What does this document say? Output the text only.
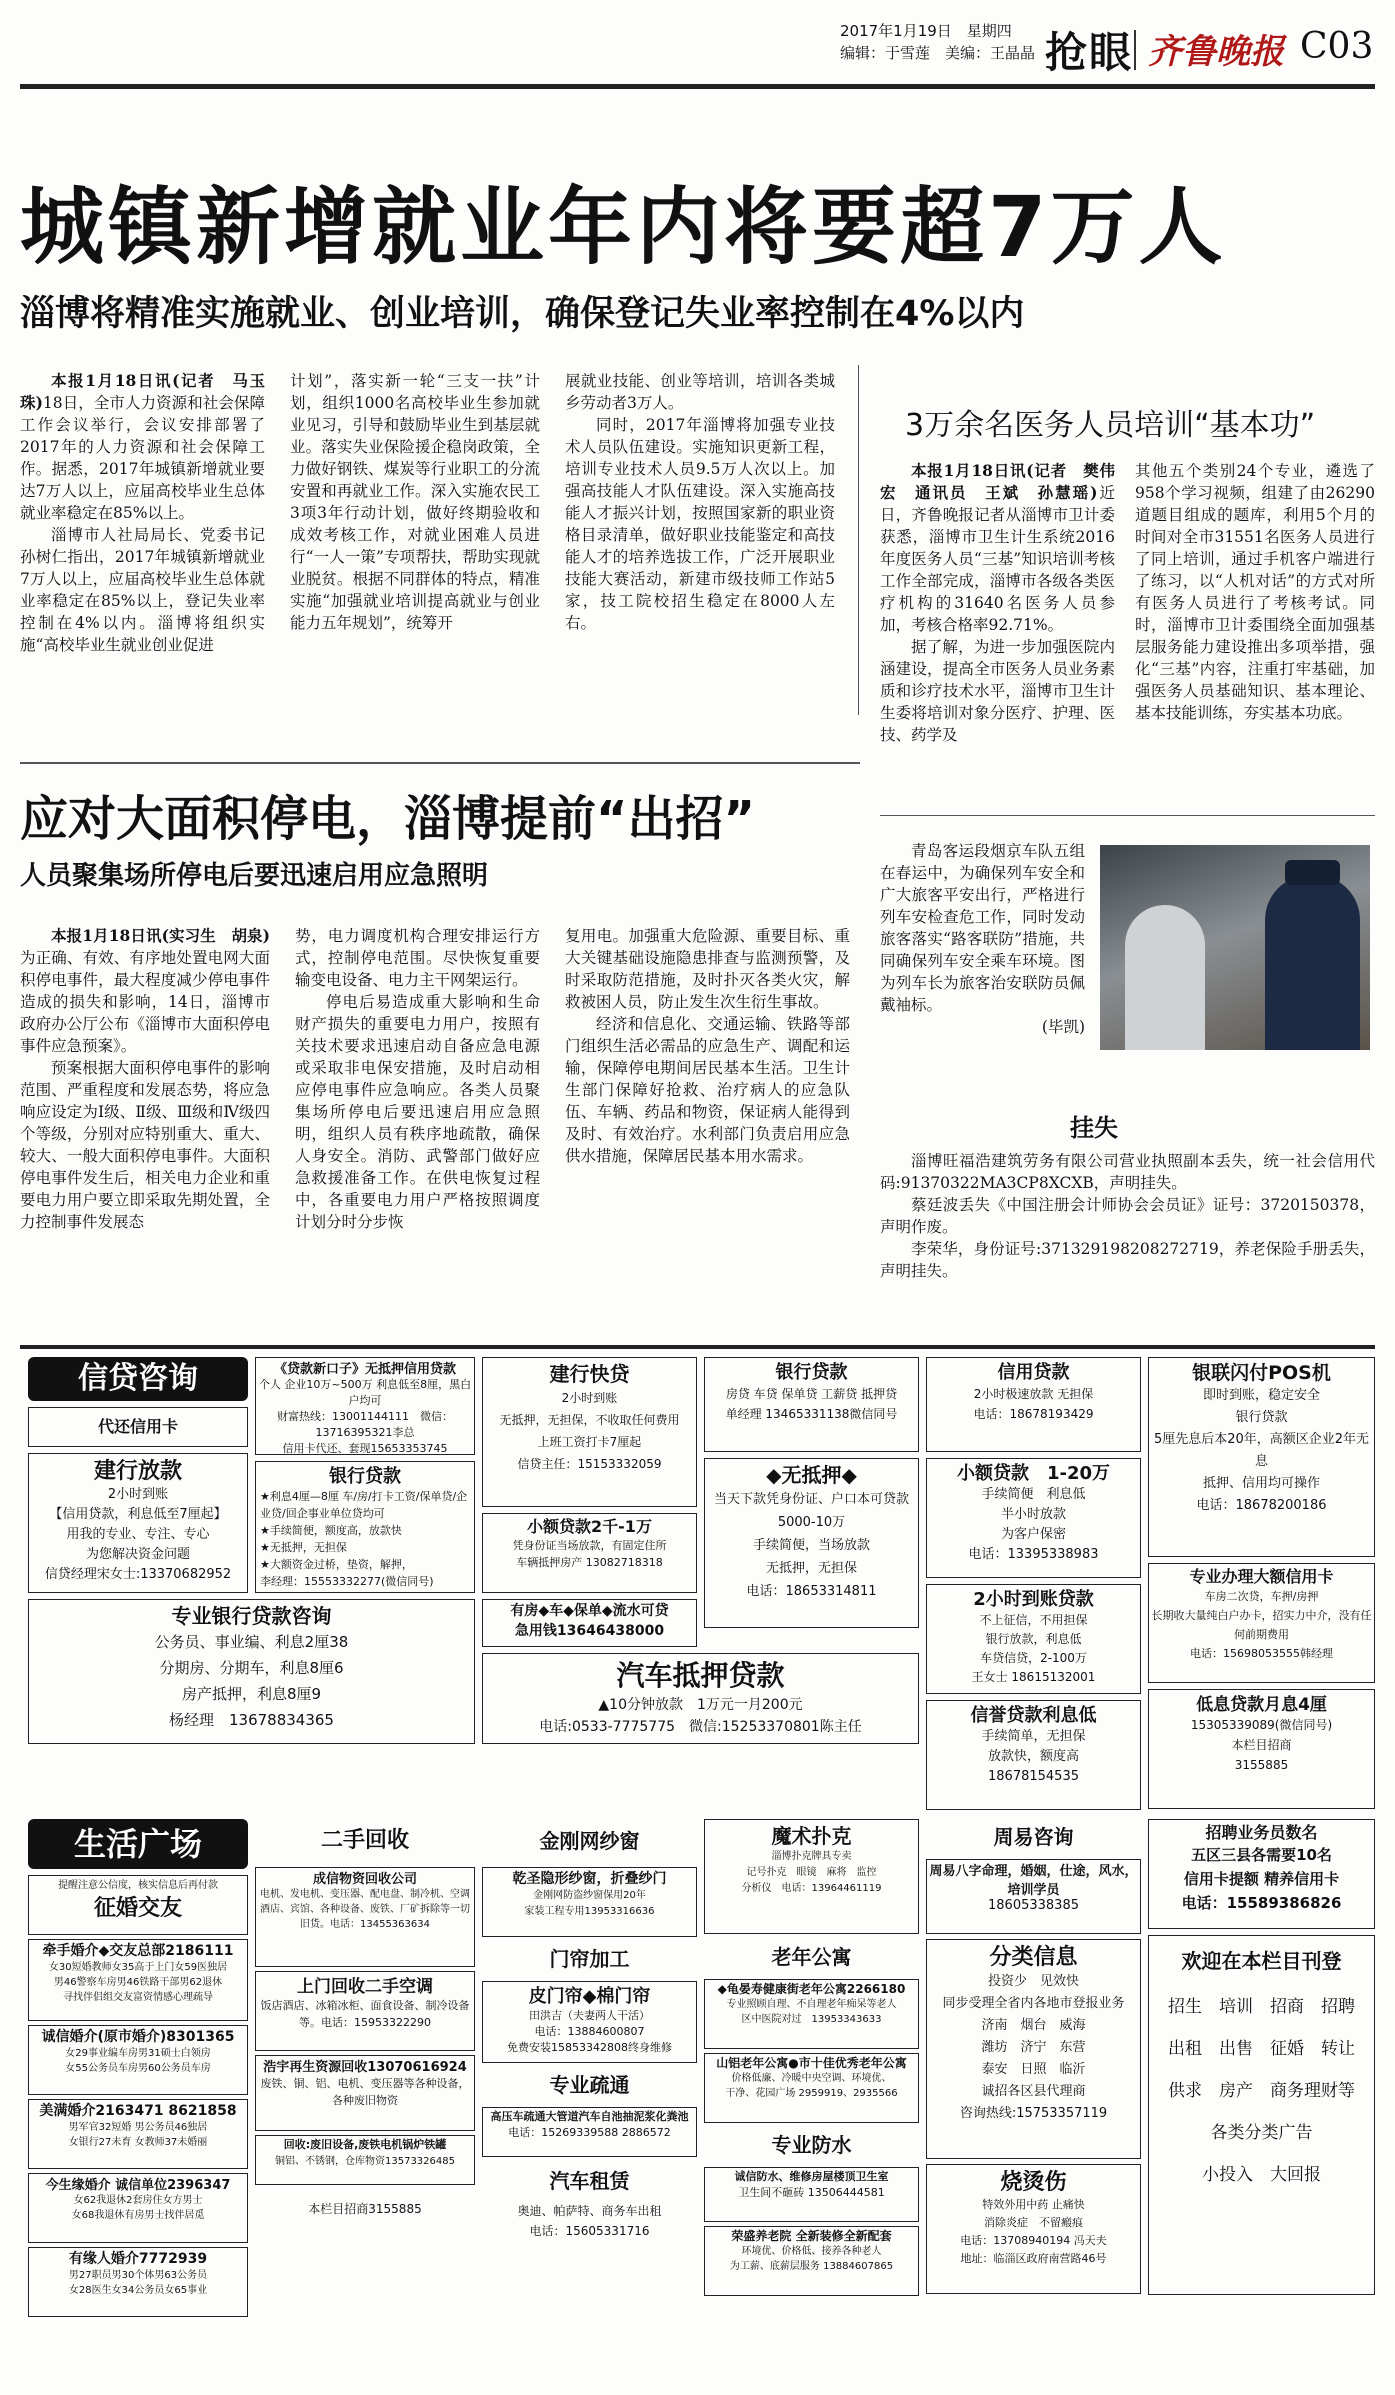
2017年1月19日　星期四
编辑：于雪莲　美编：王晶晶 抢眼 齐鲁晚报 C03
城镇新增就业年内将要超7万人
淄博将精准实施就业、创业培训，确保登记失业率控制在4%以内

本报1月18日讯(记者　马玉珠)18日，全市人力资源和社会保障工作会议举行，会议安排部署了2017年的人力资源和社会保障工作。据悉，2017年城镇新增就业要达7万人以上，应届高校毕业生总体就业率稳定在85%以上。

淄博市人社局局长、党委书记孙树仁指出，2017年城镇新增就业7万人以上，应届高校毕业生总体就业率稳定在85%以上，登记失业率控制在4%以内。淄博将组织实施“高校毕业生就业创业促进

计划”，落实新一轮“三支一扶”计划，组织1000名高校毕业生参加就业见习，引导和鼓励毕业生到基层就业。落实失业保险援企稳岗政策，全力做好钢铁、煤炭等行业职工的分流安置和再就业工作。深入实施农民工3项3年行动计划，做好终期验收和成效考核工作，对就业困难人员进行“一人一策”专项帮扶，帮助实现就业脱贫。根据不同群体的特点，精准实施“加强就业培训提高就业与创业能力五年规划”，统筹开

展就业技能、创业等培训，培训各类城乡劳动者3万人。

同时，2017年淄博将加强专业技术人员队伍建设。实施知识更新工程，培训专业技术人员9.5万人次以上。加强高技能人才队伍建设。深入实施高技能人才振兴计划，按照国家新的职业资格目录清单，做好职业技能鉴定和高技能人才的培养选拔工作，广泛开展职业技能大赛活动，新建市级技师工作站5家，技工院校招生稳定在8000人左右。

3万余名医务人员培训“基本功”

本报1月18日讯(记者　樊伟宏　通讯员　王斌　孙慧瑶)近日，齐鲁晚报记者从淄博市卫计委获悉，淄博市卫生计生系统2016年度医务人员“三基”知识培训考核工作全部完成，淄博市各级各类医疗机构的31640名医务人员参加，考核合格率92.71%。

据了解，为进一步加强医院内涵建设，提高全市医务人员业务素质和诊疗技术水平，淄博市卫生计生委将培训对象分医疗、护理、医技、药学及

其他五个类别24个专业，遴选了958个学习视频，组建了由26290道题目组成的题库，利用5个月的时间对全市31551名医务人员进行了同上培训，通过手机客户端进行了练习，以“人机对话”的方式对所有医务人员进行了考核考试。同时，淄博市卫计委围绕全面加强基层服务能力建设推出多项举措，强化“三基”内容，注重打牢基础，加强医务人员基础知识、基本理论、基本技能训练，夯实基本功底。

应对大面积停电，淄博提前“出招”
人员聚集场所停电后要迅速启用应急照明

本报1月18日讯(实习生　胡泉)为正确、有效、有序地处置电网大面积停电事件，最大程度减少停电事件造成的损失和影响，14日，淄博市政府办公厅公布《淄博市大面积停电事件应急预案》。

预案根据大面积停电事件的影响范围、严重程度和发展态势，将应急响应设定为Ⅰ级、Ⅱ级、Ⅲ级和Ⅳ级四个等级，分别对应特别重大、重大、较大、一般大面积停电事件。大面积停电事件发生后，相关电力企业和重要电力用户要立即采取先期处置，全力控制事件发展态

势，电力调度机构合理安排运行方式，控制停电范围。尽快恢复重要输变电设备、电力主干网架运行。

停电后易造成重大影响和生命财产损失的重要电力用户，按照有关技术要求迅速启动自备应急电源或采取非电保安措施，及时启动相应停电事件应急响应。各类人员聚集场所停电后要迅速启用应急照明，组织人员有秩序地疏散，确保人身安全。消防、武警部门做好应急救援准备工作。在供电恢复过程中，各重要电力用户严格按照调度计划分时分步恢

复用电。加强重大危险源、重要目标、重大关键基础设施隐患排查与监测预警，及时采取防范措施，及时扑灭各类火灾，解救被困人员，防止发生次生衍生事故。

经济和信息化、交通运输、铁路等部门组织生活必需品的应急生产、调配和运输，保障停电期间居民基本生活。卫生计生部门保障好抢救、治疗病人的应急队伍、车辆、药品和物资，保证病人能得到及时、有效治疗。水利部门负责启用应急供水措施，保障居民基本用水需求。

青岛客运段烟京车队五组在春运中，为确保列车安全和广大旅客平安出行，严格进行列车安检查危工作，同时发动旅客落实“路客联防”措施，共同确保列车安全乘车环境。图为列车长为旅客治安联防员佩戴袖标。

(毕凯)
挂失

淄博旺福浩建筑劳务有限公司营业执照副本丢失，统一社会信用代码:91370322MA3CP8XCXB，声明挂失。

蔡廷波丢失《中国注册会计师协会会员证》证号：3720150378，声明作废。

李荣华，身份证号:371329198208272719，养老保险手册丢失，声明挂失。

信贷咨询
代还信用卡
建行放款
2小时到账
【信用贷款，利息低至7厘起】
用我的专业、专注、专心
为您解决资金问题
信贷经理宋女士:13370682952
《贷款新口子》无抵押信用贷款
个人 企业10万~500万 利息低至8厘，黑白户均可
财富热线：13001144111　微信：13716395321李总
信用卡代还、套现15653353745
银行贷款
★利息4厘—8厘 车/房/打卡工资/保单贷/企业贷/回企事业单位贷均可
★手续简便，额度高，放款快
★无抵押，无担保
★大额资金过桥，垫资，解押，
李经理：15553332277(微信同号)
建行快贷
2小时到账
无抵押，无担保，不收取任何费用
上班工资打卡7厘起
信贷主任：15153332059
银行贷款
房贷 车贷 保单贷 工薪贷 抵押贷
单经理 13465331138微信同号
信用贷款
2小时极速放款 无担保
电话：18678193429
银联闪付POS机
即时到账，稳定安全
银行贷款
5厘先息后本20年，高额区企业2年无息
抵押、信用均可操作
电话：18678200186
小额贷款2千-1万
凭身份证当场放款，有固定住所
车辆抵押房产 13082718318
◆无抵押◆
当天下款凭身份证、户口本可贷款5000-10万
手续简便，当场放款
无抵押，无担保
电话：18653314811
小额贷款　1-20万
手续简便　利息低
半小时放款
为客户保密
电话：13395338983
专业办理大额信用卡
车房二次贷，车押/房押
长期收大量纯白户办卡，招实力中介，没有任何前期费用
电话：15698053555韩经理
有房◆车◆保单◆流水可贷
急用钱13646438000
2小时到账贷款
不上征信，不用担保
银行放款，利息低
车贷信贷，2-100万
王女士 18615132001
专业银行贷款咨询
公务员、事业编、利息2厘38
分期房、分期车，利息8厘6
房产抵押，利息8厘9
杨经理　13678834365
汽车抵押贷款
▲10分钟放款　1万元一月200元
电话:0533-7775775　微信:15253370801陈主任
信誉贷款利息低
手续简单，无担保
放款快，额度高
18678154535
低息贷款月息4厘
15305339089(微信同号)
本栏目招商
3155885
生活广场
提醒注意公信度，核实信息后再付款
征婚交友
牵手婚介◆交友总部2186111
女30短婚教师女35高于上门女59医独居
男46警察车房男46铁路干部男62退休
寻找伴侣组交友富资情感心理疏导
诚信婚介(原市婚介)8301365
女29事业编车房男31硕士白领房
女55公务员车房男60公务员车房
美满婚介2163471 8621858
男军官32短婚 男公务员46独居
女银行27未育 女教师37未婚丽
今生缘婚介 诚信单位2396347
女62我退休2套房住女方男士
女68我退休有房男士找伴居觅
有缘人婚介7772939
男27职员男30个体男63公务员
女28医生女34公务员女65事业
二手回收
成信物资回收公司
电机、发电机、变压器、配电盘、制冷机、空调酒店、宾馆、各种设备、废铁、厂矿拆除等一切旧货。电话：13455363634
上门回收二手空调
饭店酒店、冰箱冰柜、面食设备、制冷设备等。电话：15953322290
浩宇再生资源回收13070616924
废铁、铜、铝、电机、变压器等各种设备，各种废旧物资
回收:废旧设备,废铁电机锅炉铁罐
铜铝、不锈钢，仓库物资13573326485
本栏目招商3155885
金刚网纱窗
乾圣隐形纱窗，折叠纱门
金刚网防盗纱窗保用20年
家装工程专用13953316636
门帘加工
皮门帘◆棉门帘
田洪吉（夫妻两人干活）
电话：13884600807
免费安装15853342808终身维修
专业疏通
高压车疏通大管道汽车自池抽泥浆化粪池
电话：15269339588 2886572
汽车租赁
奥迪、帕萨特、商务车出租
电话：15605331716
魔术扑克
淄博扑克牌具专卖
记号扑克　眼镜　麻将　监控
分析仪　电话：13964461119
老年公寓
◆龟晏寿健康街老年公寓2266180
专业照顾自理、不自理老年痴呆等老人
区中医院对过　13953343633
山铝老年公寓●市十佳优秀老年公寓
价格低廉、冷暖中央空调、环境优、
干净、花园广场 2959919、2935566
专业防水
诚信防水、维修房屋楼顶卫生室
卫生间不砸砖 13506444581
荣盛养老院 全新装修全新配套
环境优、价格低、接养各种老人
为工薪、底薪层服务 13884607865
周易咨询
周易八字命理，婚姻，仕途，风水，培训学员
18605338385
分类信息
投资少　见效快
同步受理全省内各地市登报业务
济南　烟台　威海
潍坊　济宁　东营
泰安　日照　临沂
诚招各区县代理商
咨询热线:15753357119
烧烫伤
特效外用中药 止痛快
消除炎症　不留瘢痕
电话：13708940194 冯天夫
地址：临淄区政府南营路46号
招聘业务员数名
五区三县各需要10名
信用卡提额 精养信用卡
电话：15589386826
欢迎在本栏目刊登
招生　培训　招商　招聘
出租　出售　征婚　转让
供求　房产　商务理财等
各类分类广告
小投入　大回报
